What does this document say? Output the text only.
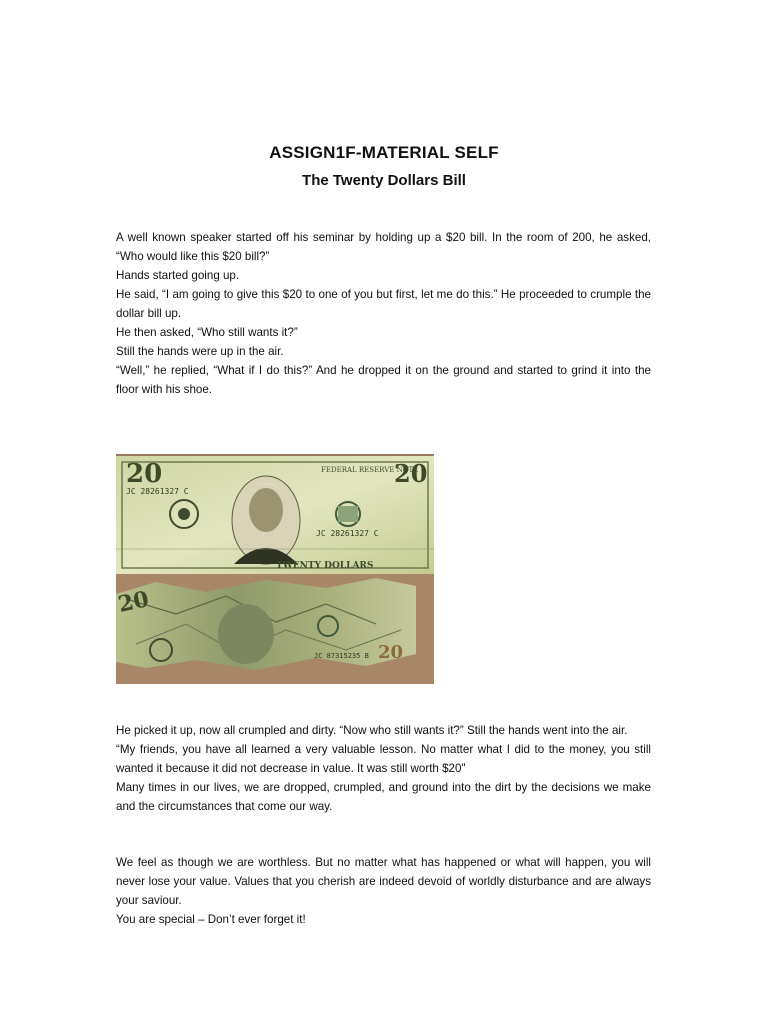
ASSIGN1F-MATERIAL SELF
The Twenty Dollars Bill

A well known speaker started off his seminar by holding up a $20 bill. In the room of 200, he asked, “Who would like this $20 bill?”

Hands started going up.

He said, “I am going to give this $20 to one of you but first, let me do this.” He proceeded to crumple the dollar bill up.

He then asked, “Who still wants it?”

Still the hands were up in the air.

“Well,” he replied, “What if I do this?” And he dropped it on the ground and started to grind it into the floor with his shoe.

20	20
FEDERAL RESERVE NOTE
JC 28261327 C
JC 28261327 C
TWENTY DOLLARS
20
20
JC 87315235 B

He picked it up, now all crumpled and dirty. “Now who still wants it?” Still the hands went into the air.

“My friends, you have all learned a very valuable lesson. No matter what I did to the money, you still wanted it because it did not decrease in value. It was still worth $20"

Many times in our lives, we are dropped, crumpled, and ground into the dirt by the decisions we make and the circumstances that come our way.

We feel as though we are worthless. But no matter what has happened or what will happen, you will never lose your value. Values that you cherish are indeed devoid of worldly disturbance and are always your saviour.

You are special – Don’t ever forget it!
